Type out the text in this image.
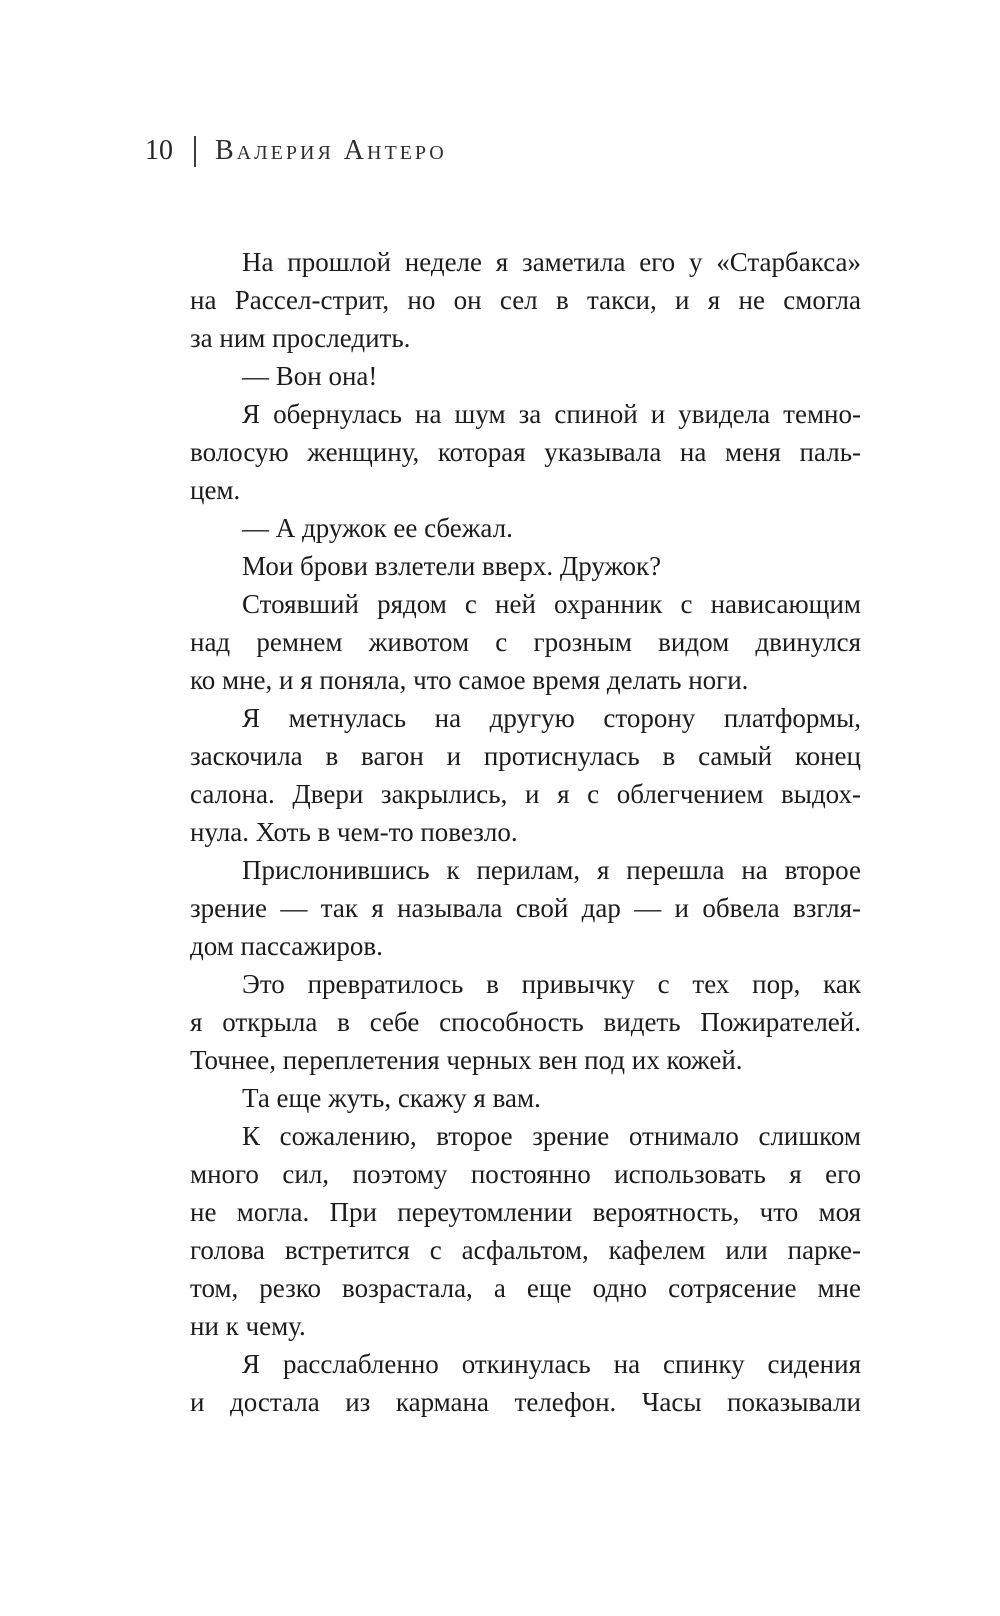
10 Валерия Антеро
На прошлой неделе я заметила его у «Старбакса»
на Рассел-стрит, но он сел в такси, и я не смогла
за ним проследить.
— Вон она!
Я обернулась на шум за спиной и увидела темно-
волосую женщину, которая указывала на меня паль-
цем.
— А дружок ее сбежал.
Мои брови взлетели вверх. Дружок?
Стоявший рядом с ней охранник с нависающим
над ремнем животом с грозным видом двинулся
ко мне, и я поняла, что самое время делать ноги.
Я метнулась на другую сторону платформы,
заскочила в вагон и протиснулась в самый конец
салона. Двери закрылись, и я с облегчением выдох-
нула. Хоть в чем-то повезло.
Прислонившись к перилам, я перешла на второе
зрение — так я называла свой дар — и обвела взгля-
дом пассажиров.
Это превратилось в привычку с тех пор, как
я открыла в себе способность видеть Пожирателей.
Точнее, переплетения черных вен под их кожей.
Та еще жуть, скажу я вам.
К сожалению, второе зрение отнимало слишком
много сил, поэтому постоянно использовать я его
не могла. При переутомлении вероятность, что моя
голова встретится с асфальтом, кафелем или парке-
том, резко возрастала, а еще одно сотрясение мне
ни к чему.
Я расслабленно откинулась на спинку сидения
и достала из кармана телефон. Часы показывали
